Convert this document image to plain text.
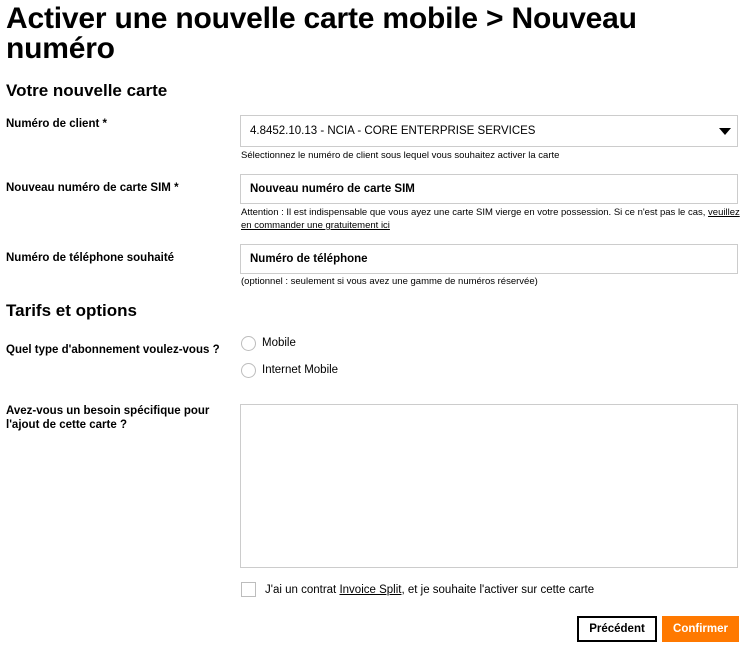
Activer une nouvelle carte mobile > Nouveau numéro
Votre nouvelle carte
Numéro de client *
4.8452.10.13 - NCIA - CORE ENTERPRISE SERVICES
Sélectionnez le numéro de client sous lequel vous souhaitez activer la carte
Nouveau numéro de carte SIM *
Nouveau numéro de carte SIM
Attention : Il est indispensable que vous ayez une carte SIM vierge en votre possession. Si ce n'est pas le cas, veuillez en commander une gratuitement ici
Numéro de téléphone souhaité
Numéro de téléphone
(optionnel : seulement si vous avez une gamme de numéros réservée)
Tarifs et options
Quel type d'abonnement voulez-vous ?
Mobile
Internet Mobile
Avez-vous un besoin spécifique pour l'ajout de cette carte ?
J'ai un contrat Invoice Split, et je souhaite l'activer sur cette carte
Précédent	Confirmer
